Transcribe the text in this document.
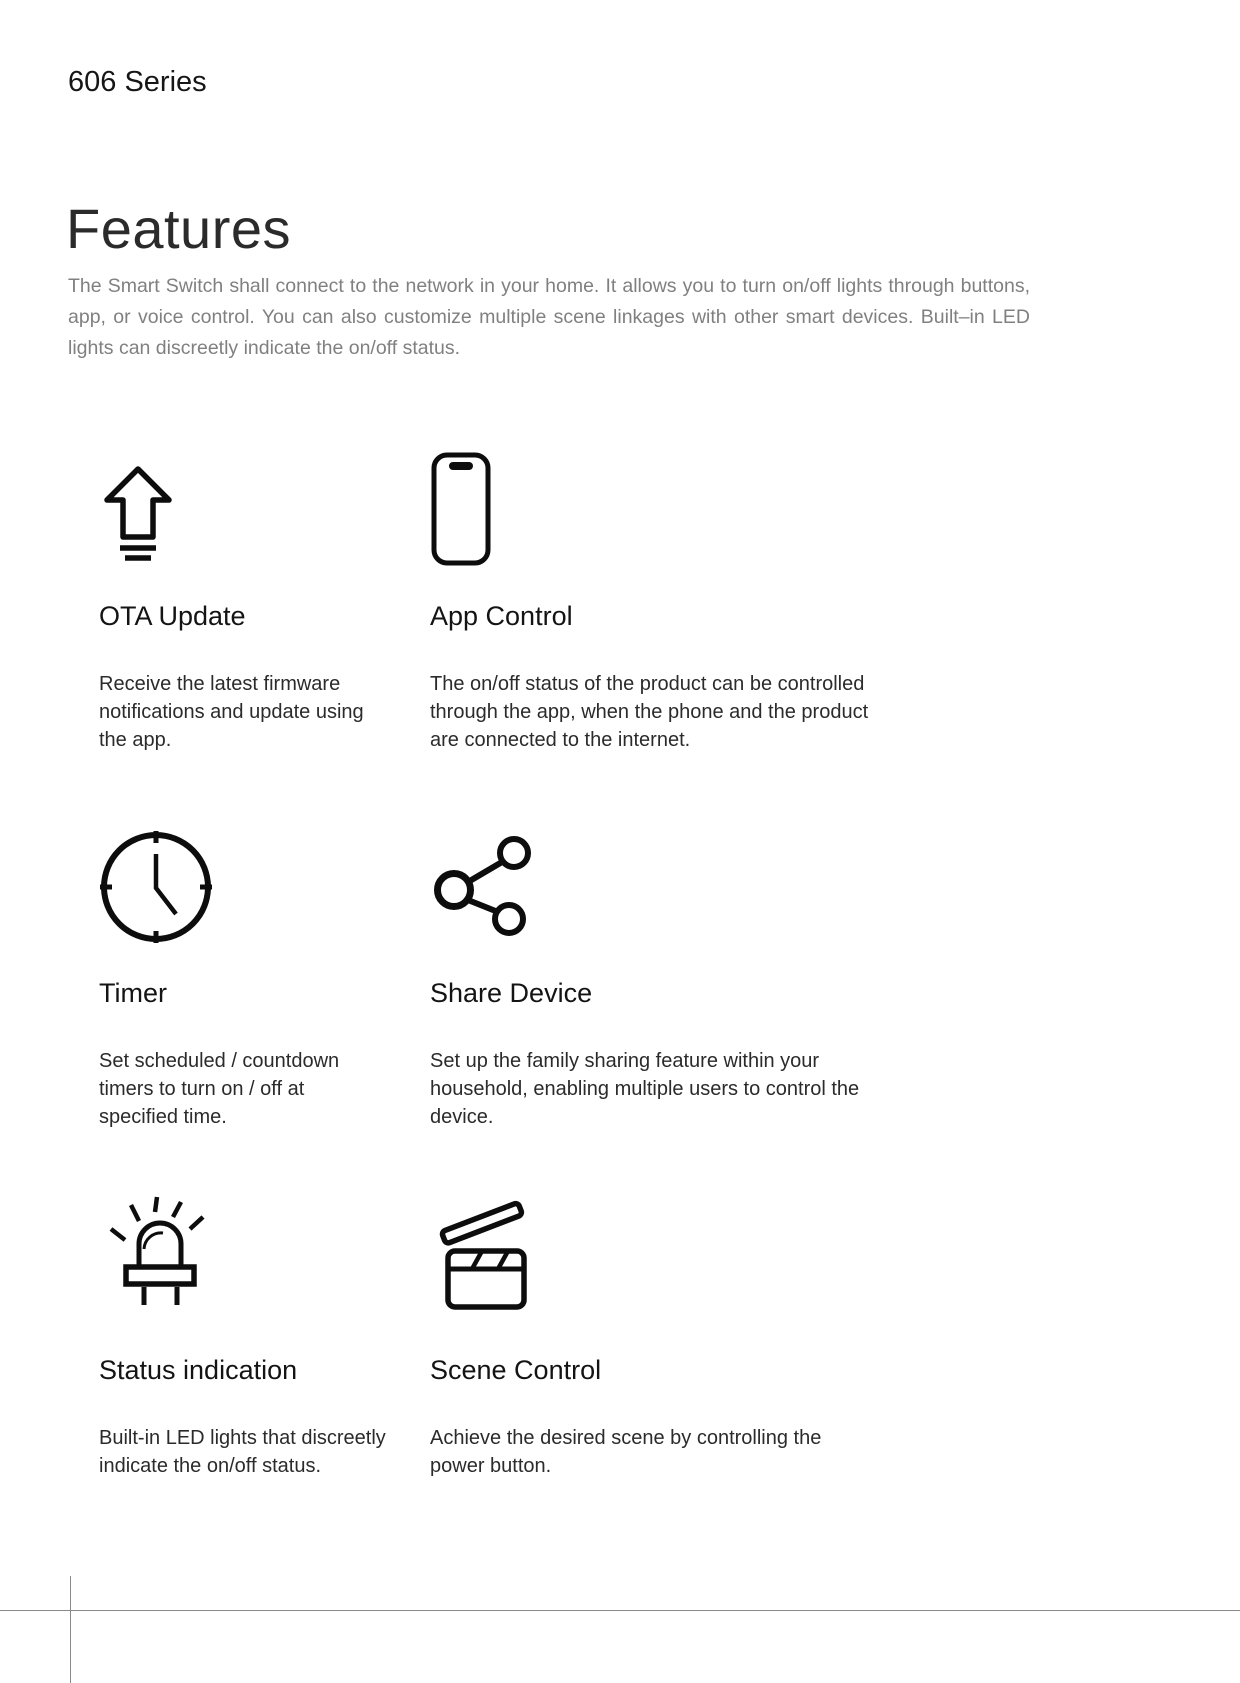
606 Series
Features

The Smart Switch shall connect to the network in your home. It allows you to turn on/off lights through buttons, app, or voice control. You can also customize multiple scene linkages with other smart devices. Built–in LED lights can discreetly indicate the on/off status.

OTA Update

Receive the latest firmware notifications and update using the app.

App Control

The on/off status of the product can be controlled through the app, when the phone and the product are connected to the internet.

Timer

Set scheduled / countdown timers to turn on / off at specified time.

Share Device

Set up the family sharing feature within your household, enabling multiple users to control the device.

Status indication

Built-in LED lights that discreetly indicate the on/off status.

Scene Control

Achieve the desired scene by controlling the power button.
